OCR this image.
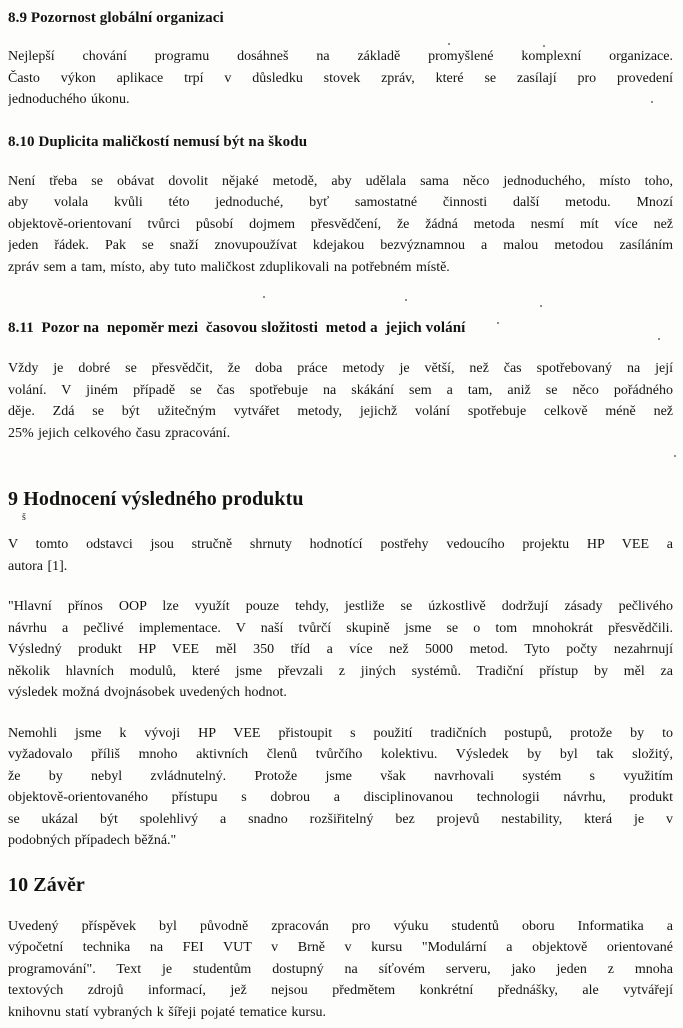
8.9 Pozornost globální organizaci
Nejlepší chování programu dosáhneš na základě promyšlené komplexní organizace.
Často výkon aplikace trpí v důsledku stovek zpráv, které se zasílají pro provedení
jednoduchého úkonu.
8.10 Duplicita maličkostí nemusí být na škodu
Není třeba se obávat dovolit nějaké metodě, aby udělala sama něco jednoduchého, místo toho,
aby volala kvůli této jednoduché, byť samostatné činnosti další metodu. Mnozí
objektově-orientovaní tvůrci působí dojmem přesvědčení, že žádná metoda nesmí mít více než
jeden řádek. Pak se snaží znovupoužívat kdejakou bezvýznamnou a malou metodou zasíláním
zpráv sem a tam, místo, aby tuto maličkost zduplikovali na potřebném místě.
8.11  Pozor na  nepoměr mezi  časovou složitosti  metod a  jejich volání
Vždy je dobré se přesvědčit, že doba práce metody je větší, než čas spotřebovaný na její
volání. V jiném případě se čas spotřebuje na skákání sem a tam, aniž se něco pořádného
děje. Zdá se být užitečným vytvářet metody, jejichž volání spotřebuje celkově méně než
25% jejich celkového času zpracování.
9 Hodnocení výsledného produktu
š
V tomto odstavci jsou stručně shrnuty hodnotící postřehy vedoucího projektu HP VEE a
autora [1].
"Hlavní přínos OOP lze využít pouze tehdy, jestliže se úzkostlivě dodržují zásady pečlivého
návrhu a pečlivé implementace. V naší tvůrčí skupině jsme se o tom mnohokrát přesvědčili.
Výsledný produkt HP VEE měl 350 tříd a více než 5000 metod. Tyto počty nezahrnují
několik hlavních modulů, které jsme převzali z jiných systémů. Tradiční přístup by měl za
výsledek možná dvojnásobek uvedených hodnot.
Nemohli jsme k vývoji HP VEE přistoupit s použití tradičních postupů, protože by to
vyžadovalo příliš mnoho aktivních členů tvůrčího kolektivu. Výsledek by byl tak složitý,
že by nebyl zvládnutelný. Protože jsme však navrhovali systém s využitím
objektově-orientovaného přístupu s dobrou a disciplinovanou technologii návrhu, produkt
se ukázal být spolehlivý a snadno rozšiřitelný bez projevů nestability, která je v
podobných případech běžná."
10 Závěr
Uvedený příspěvek byl původně zpracován pro výuku studentů oboru Informatika a
výpočetní technika na FEI VUT v Brně v kursu "Modulární a objektově orientované
programování". Text je studentům dostupný na síťovém serveru, jako jeden z mnoha
textových zdrojů informací, jež nejsou předmětem konkrétní přednášky, ale vytvářejí
knihovnu statí vybraných k šířeji pojaté tematice kursu.
